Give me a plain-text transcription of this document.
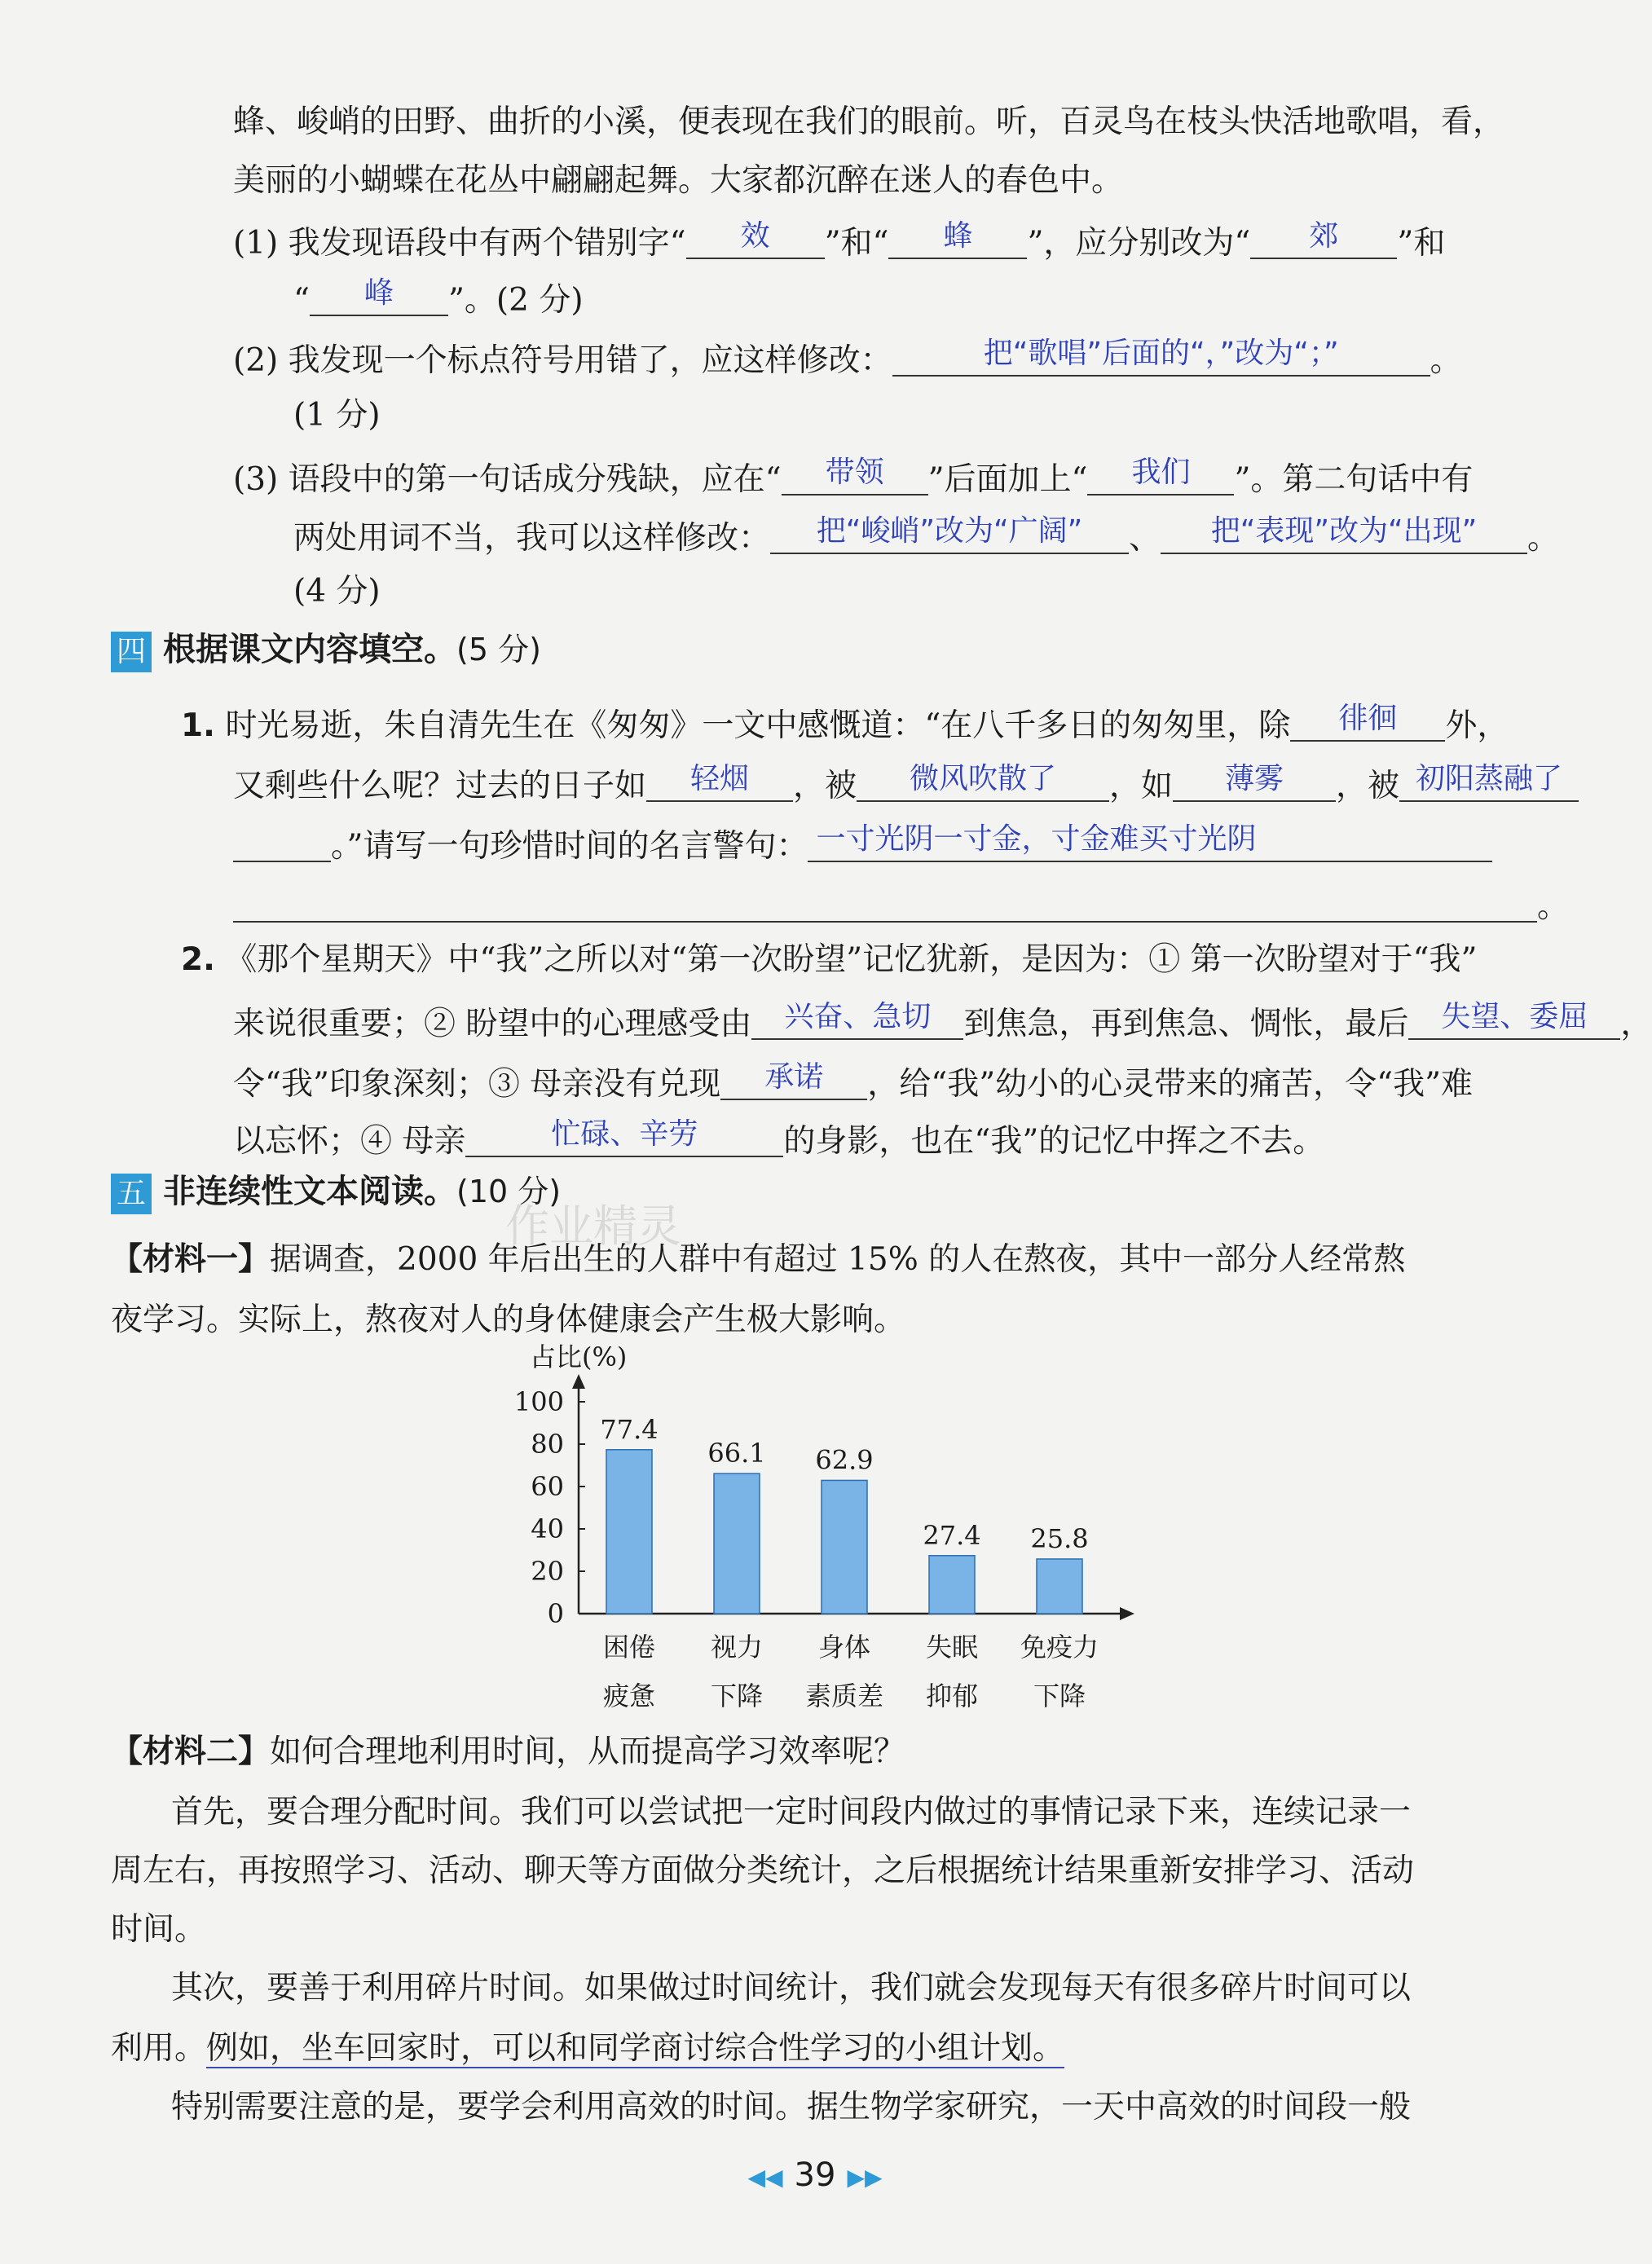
蜂、峻峭的田野、曲折的小溪，便表现在我们的眼前。听，百灵鸟在枝头快活地歌唱，看，
美丽的小蝴蝶在花丛中翩翩起舞。大家都沉醉在迷人的春色中。
(1) 我发现语段中有两个错别字“	效	”和“	蜂	”，应分别改为“	郊	”和
“	峰	”。(2 分)
(2) 我发现一个标点符号用错了，应这样修改：	把“歌唱”后面的“，”改为“；”	。
(1 分)
(3) 语段中的第一句话成分残缺，应在“	带领	”后面加上“	我们	”。第二句话中有
两处用词不当，我可以这样修改：	把“峻峭”改为“广阔”	、	把“表现”改为“出现”	。
(4 分)
四 根据课文内容填空。(5 分)
1. 时光易逝，朱自清先生在《匆匆》一文中感慨道：“在八千多日的匆匆里，除	徘徊	外，
又剩些什么呢？过去的日子如	轻烟	，被	微风吹散了	，如	薄雾	，被 初阳蒸融了
。”请写一句珍惜时间的名言警句： 一寸光阴一寸金，寸金难买寸光阴
。
2. 《那个星期天》中“我”之所以对“第一次盼望”记忆犹新，是因为：① 第一次盼望对于“我”
来说很重要；② 盼望中的心理感受由	兴奋、急切	到焦急，再到焦急、惆怅，最后	失望、委屈	，
令“我”印象深刻；③ 母亲没有兑现	承诺	，给“我”幼小的心灵带来的痛苦，令“我”难
以忘怀；④ 母亲	忙碌、辛劳	的身影，也在“我”的记忆中挥之不去。
五 非连续性文本阅读。(10 分)
作业精灵
【材料一】据调查，2000 年后出生的人群中有超过 15% 的人在熬夜，其中一部分人经常熬
夜学习。实际上，熬夜对人的身体健康会产生极大影响。
占比(%)
0
20
40
60
80
100
77.4
困倦
疲惫
66.1
视力
下降
62.9
身体
素质差
27.4
失眠
抑郁
25.8
免疫力
下降
【材料二】如何合理地利用时间，从而提高学习效率呢？
首先，要合理分配时间。我们可以尝试把一定时间段内做过的事情记录下来，连续记录一
周左右，再按照学习、活动、聊天等方面做分类统计，之后根据统计结果重新安排学习、活动
时间。
其次，要善于利用碎片时间。如果做过时间统计，我们就会发现每天有很多碎片时间可以
利用。例如，坐车回家时，可以和同学商讨综合性学习的小组计划。
特别需要注意的是，要学会利用高效的时间。据生物学家研究，一天中高效的时间段一般
◀◀ 39 ▶▶
